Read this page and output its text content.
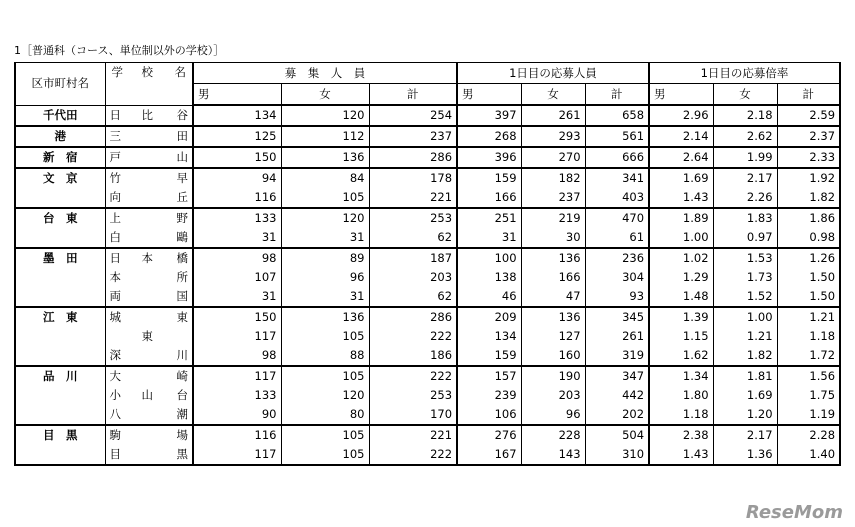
1［普通科（コース、単位制以外の学校）］
区市町村名	学 校 名	募　集　人　員			1日目の応募人員			1日目の応募倍率		
		男	女	計	男	女	計	男	女	計
千代田	日 比 谷	134	120	254	397	261	658	2.96	2.18	2.59
港	三 田	125	112	237	268	293	561	2.14	2.62	2.37
新　宿	戸 山	150	136	286	396	270	666	2.64	1.99	2.33
文　京	竹 早	94	84	178	159	182	341	1.69	2.17	1.92

	向 丘	116	105	221	166	237	403	1.43	2.26	1.82
台　東	上 野	133	120	253	251	219	470	1.89	1.83	1.86

	白 鷗	31	31	62	31	30	61	1.00	0.97	0.98
墨　田	日 本 橋	98	89	187	100	136	236	1.02	1.53	1.26

	本 所	107	96	203	138	166	304	1.29	1.73	1.50

	両 国	31	31	62	46	47	93	1.48	1.52	1.50
江　東	城 東	150	136	286	209	136	345	1.39	1.00	1.21

	東	117	105	222	134	127	261	1.15	1.21	1.18

	深 川	98	88	186	159	160	319	1.62	1.82	1.72
品　川	大 崎	117	105	222	157	190	347	1.34	1.81	1.56

	小 山 台	133	120	253	239	203	442	1.80	1.69	1.75

	八 潮	90	80	170	106	96	202	1.18	1.20	1.19
目　黒	駒 場	116	105	221	276	228	504	2.38	2.17	2.28

	目 黒	117	105	222	167	143	310	1.43	1.36	1.40
ReseMom
